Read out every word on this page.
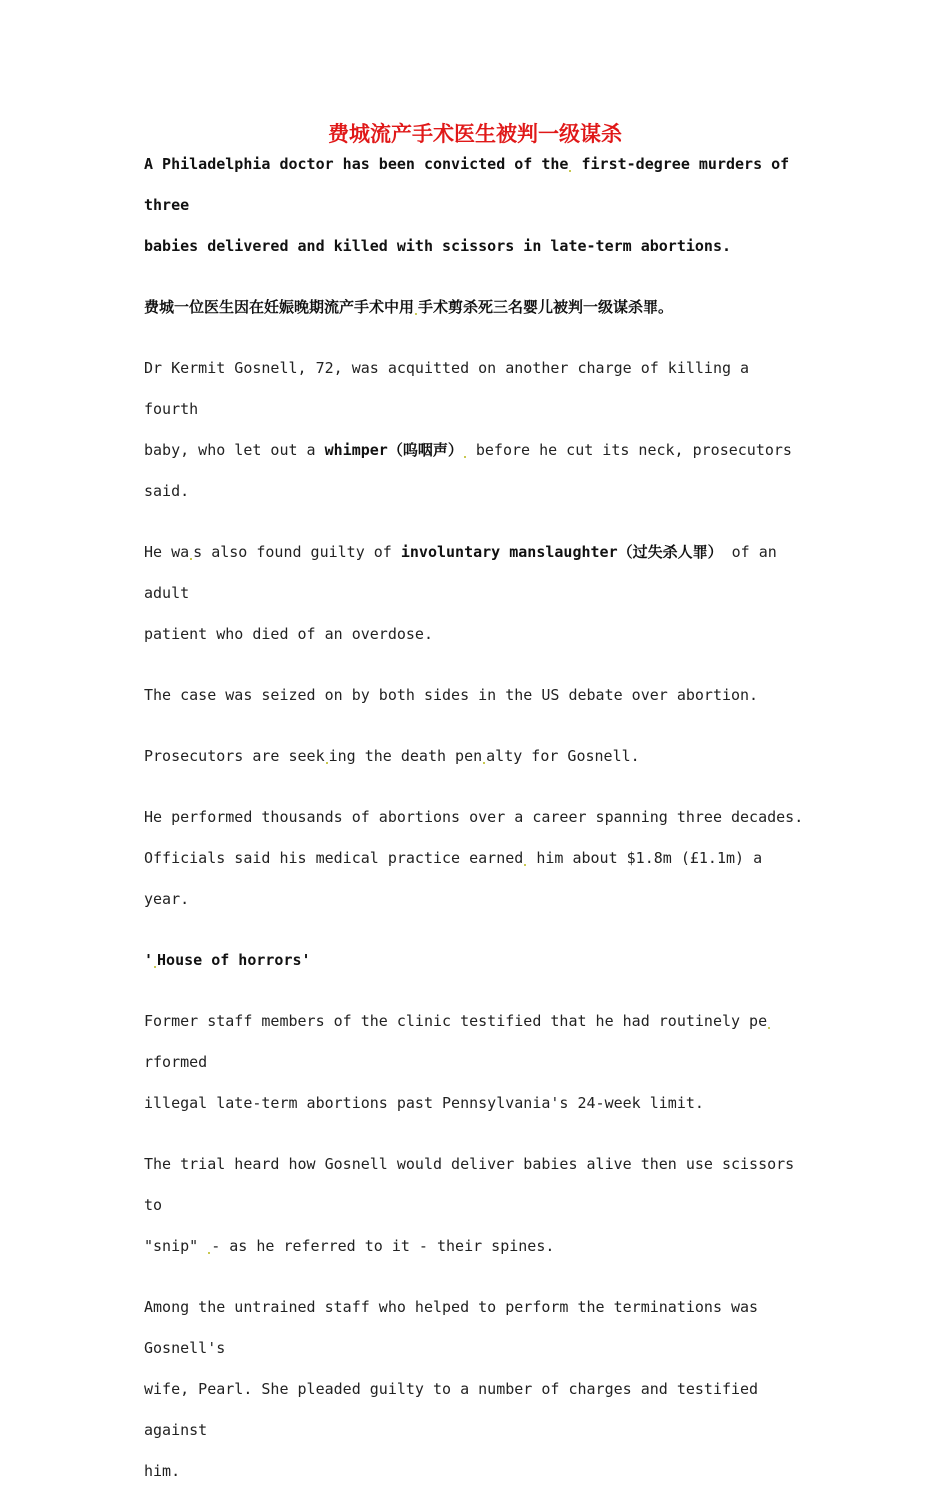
费城流产手术医生被判一级谋杀
A Philadelphia doctor has been convicted of the first-degree murders of three
babies delivered and killed with scissors in late-term abortions.
费城一位医生因在妊娠晚期流产手术中用 手术剪杀死三名婴儿被判一级谋杀罪。
Dr Kermit Gosnell, 72, was acquitted on another charge of killing a fourth
baby, who let out a whimper（呜咽声） before he cut its neck, prosecutors
said.
He wa s also found guilty of involuntary manslaughter（过失杀人罪） of an adult
patient who died of an overdose.
The case was seized on by both sides in the US debate over abortion.
Prosecutors are seek ing the death pen alty for Gosnell.
He performed thousands of abortions over a career spanning three decades.
Officials said his medical practice earned him about $1.8m (£1.1m) a year.
' House of horrors'
Former staff members of the clinic testified that he had routinely performed
illegal late-term abortions past Pennsylvania's 24-week limit.
The trial heard how Gosnell would deliver babies alive then use scissors to
"snip" - as he referred to it - their spines.
Among the untrained staff who helped to perform the terminations was Gosnell's
wife, Pearl. She pleaded guilty to a number of charges and testified against
him.
